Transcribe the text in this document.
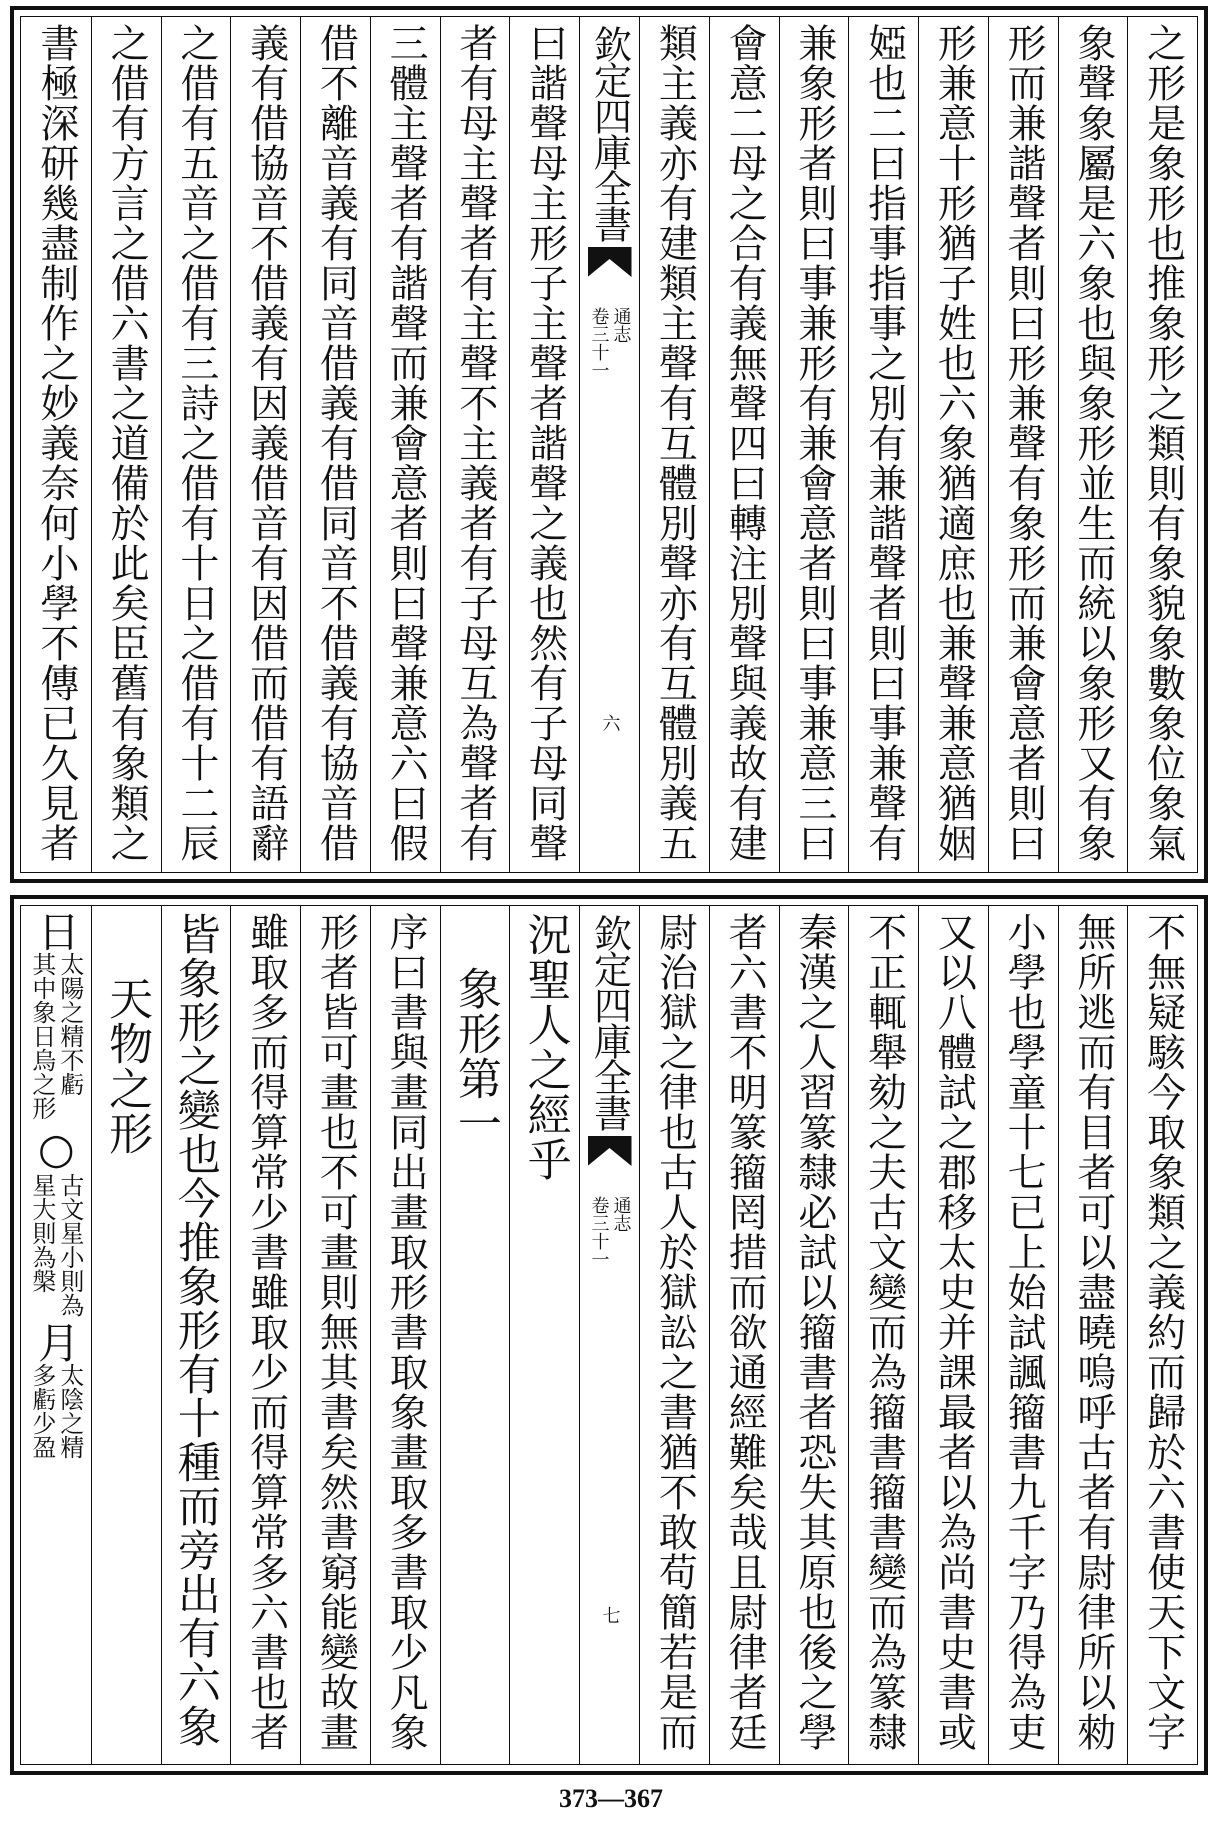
之形是象形也推象形之類則有象貌象數象位象氣
象聲象屬是六象也與象形並生而統以象形又有象
形而兼諧聲者則曰形兼聲有象形而兼會意者則曰
形兼意十形猶子姓也六象猶適庶也兼聲兼意猶姻
婭也二曰指事指事之別有兼諧聲者則曰事兼聲有
兼象形者則曰事兼形有兼會意者則曰事兼意三曰
會意二母之合有義無聲四曰轉注別聲與義故有建
類主義亦有建類主聲有互體別聲亦有互體別義五
欽定四庫全書
通志
卷三十一
六
曰諧聲母主形子主聲者諧聲之義也然有子母同聲
者有母主聲者有主聲不主義者有子母互為聲者有
三體主聲者有諧聲而兼會意者則曰聲兼意六曰假
借不離音義有同音借義有借同音不借義有協音借
義有借協音不借義有因義借音有因借而借有語辭
之借有五音之借有三詩之借有十日之借有十二辰
之借有方言之借六書之道備於此矣臣舊有象類之
書極深研幾盡制作之妙義奈何小學不傳已久見者
不無疑駭今取象類之義約而歸於六書使天下文字
無所逃而有目者可以盡曉嗚呼古者有尉律所以勑
小學也學童十七已上始試諷籀書九千字乃得為吏
又以八體試之郡移太史并課最者以為尚書史書或
不正輒舉劾之夫古文變而為籀書籀書變而為篆隸
秦漢之人習篆隸必試以籀書者恐失其原也後之學
者六書不明篆籀罔措而欲通經難矣哉且尉律者廷
尉治獄之律也古人於獄訟之書猶不敢苟簡若是而
欽定四庫全書
通志
卷三十一
七
況聖人之經乎
象形第一
序曰書與畫同出畫取形書取象畫取多書取少凡象
形者皆可畫也不可畫則無其書矣然書窮能變故畫
雖取多而得算常少書雖取少而得算常多六書也者
皆象形之變也今推象形有十種而旁出有六象
天物之形
日
太陽之精不虧
其中象日烏之形
○
古文星小則為
星大則為槃
月
太陰之精
多虧少盈
373—367
